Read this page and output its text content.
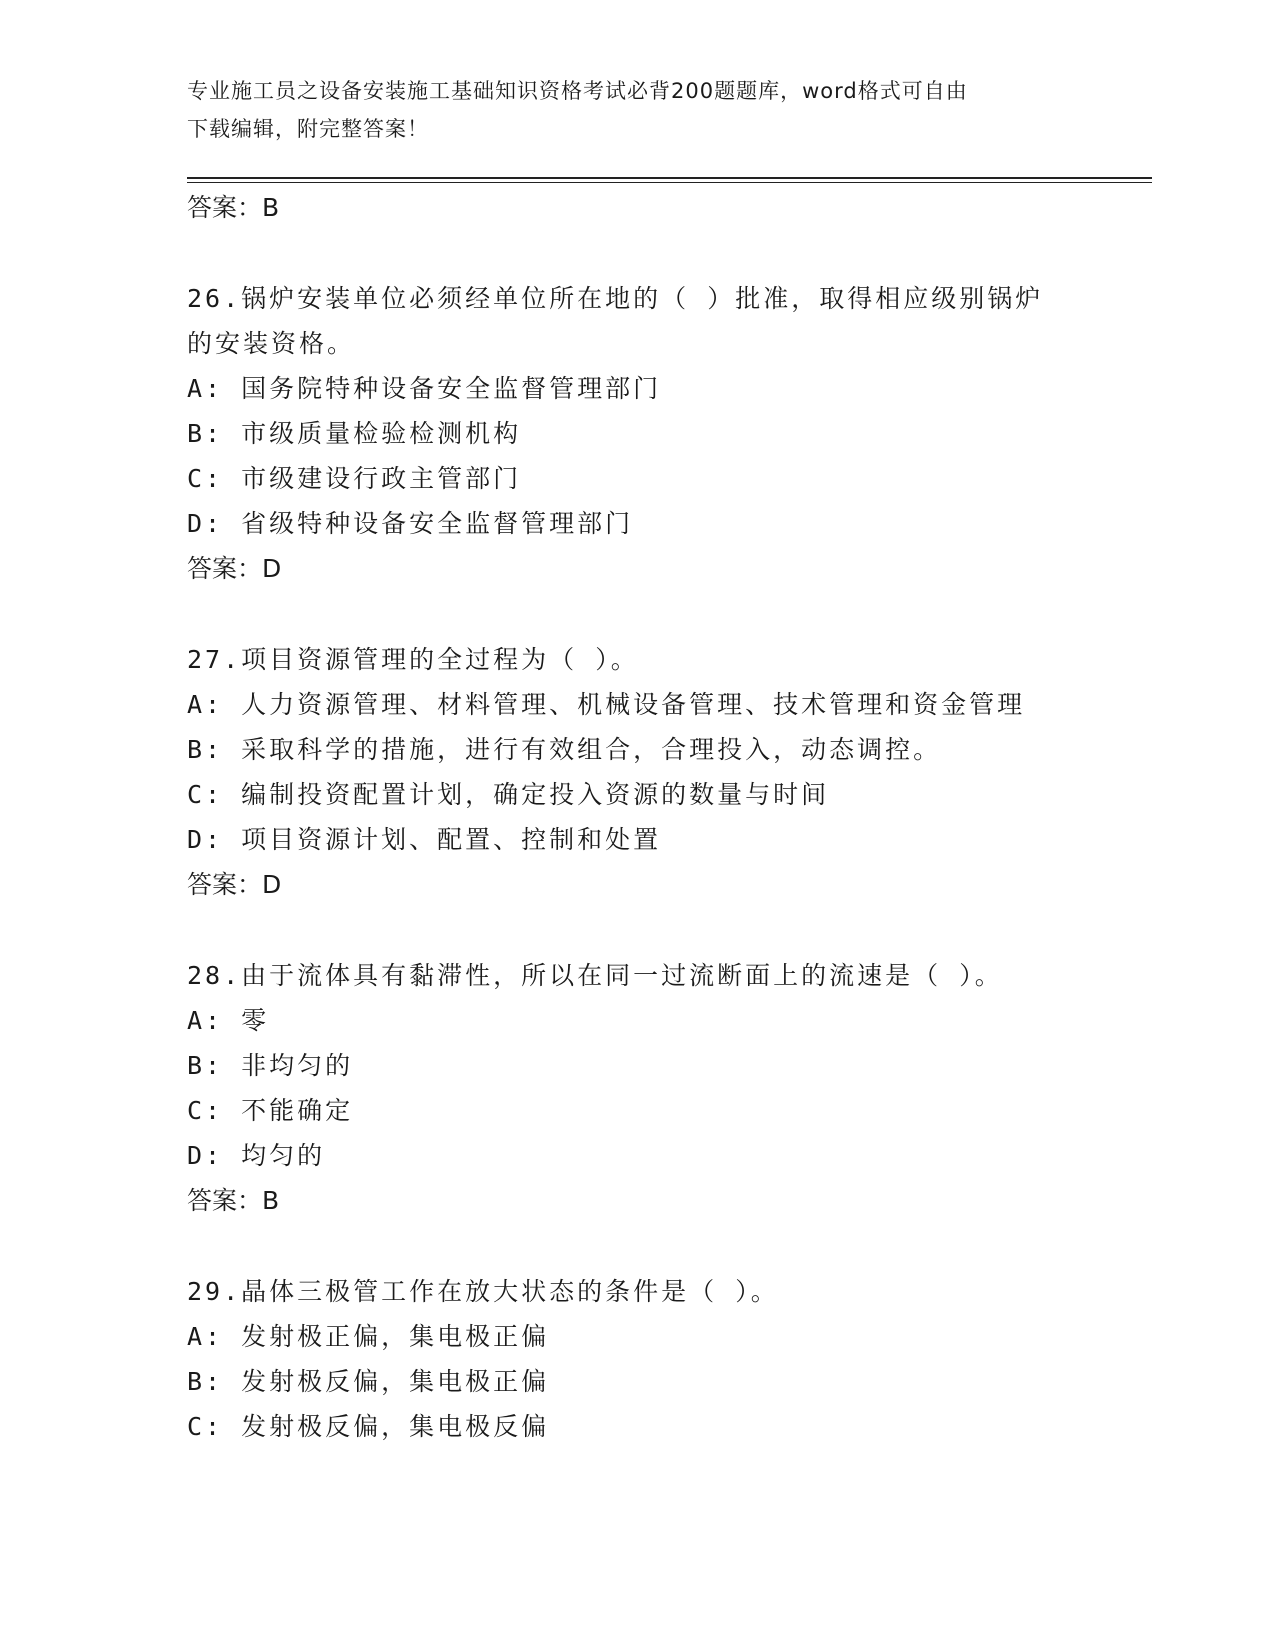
专业施工员之设备安装施工基础知识资格考试必背200题题库，word格式可自由
下载编辑，附完整答案！
答案：B
26.锅炉安装单位必须经单位所在地的（ ）批准，取得相应级别锅炉
的安装资格。
A: 国务院特种设备安全监督管理部门
B: 市级质量检验检测机构
C: 市级建设行政主管部门
D: 省级特种设备安全监督管理部门
答案：D
27.项目资源管理的全过程为（ ）。
A: 人力资源管理、材料管理、机械设备管理、技术管理和资金管理
B: 采取科学的措施，进行有效组合，合理投入，动态调控。
C: 编制投资配置计划，确定投入资源的数量与时间
D: 项目资源计划、配置、控制和处置
答案：D
28.由于流体具有黏滞性，所以在同一过流断面上的流速是（ ）。
A: 零
B: 非均匀的
C: 不能确定
D: 均匀的
答案：B
29.晶体三极管工作在放大状态的条件是（ ）。
A: 发射极正偏，集电极正偏
B: 发射极反偏，集电极正偏
C: 发射极反偏，集电极反偏
